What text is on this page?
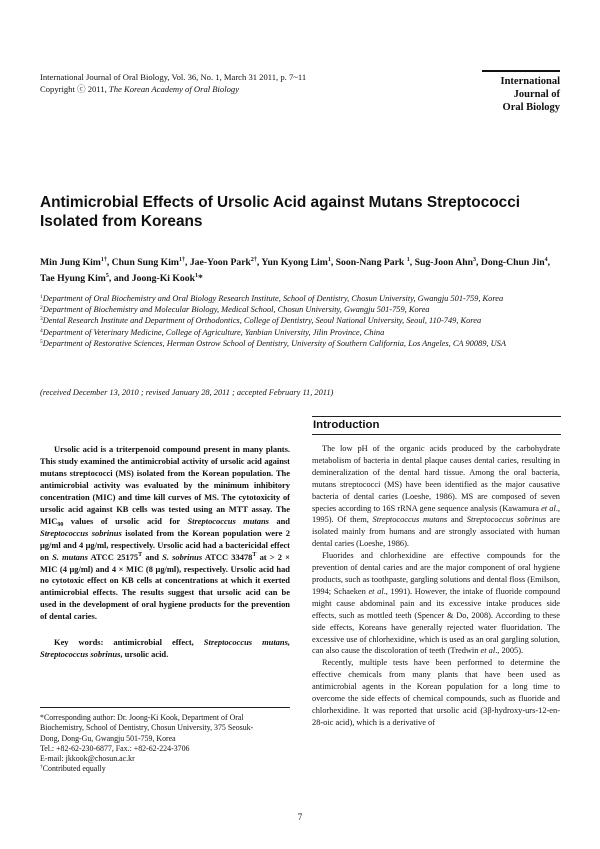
International Journal of Oral Biology, Vol. 36, No. 1, March 31 2011, p. 7~11
Copyright ⓒ 2011, The Korean Academy of Oral Biology
International
Journal of
Oral Biology
Antimicrobial Effects of Ursolic Acid against Mutans Streptococci Isolated from Koreans
Min Jung Kim$^{1\dagger}$, Chun Sung Kim$^{1\dagger}$, Jae-Yoon Park$^{2\dagger}$, Yun Kyong Lim$^1$, Soon-Nang Park $^1$, Sug-Joon Ahn$^3$, Dong-Chun Jin$^4$, Tae Hyung Kim$^5$, and Joong-Ki Kook$^1$*
$^1$Department of Oral Biochemistry and Oral Biology Research Institute, School of Dentistry, Chosun University, Gwangju 501-759, Korea
$^2$Department of Biochemistry and Molecular Biology, Medical School, Chosun University, Gwangju 501-759, Korea
$^3$Dental Research Institute and Department of Orthodontics, College of Dentistry, Seoul National University, Seoul, 110-749, Korea
$^4$Department of Veterinary Medicine, College of Agriculture, Yanbian University, Jilin Province, China
$^5$Department of Restorative Sciences, Herman Ostrow School of Dentistry, University of Southern California, Los Angeles, CA 90089, USA
(received December 13, 2010 ; revised January 28, 2011 ; accepted February 11, 2011)

Ursolic acid is a triterpenoid compound present in many plants. This study examined the antimicrobial activity of ursolic acid against mutans streptococci (MS) isolated from the Korean population. The antimicrobial activity was evaluated by the minimum inhibitory concentration (MIC) and time kill curves of MS. The cytotoxicity of ursolic acid against KB cells was tested using an MTT assay. The $MIC_{90}$ values of ursolic acid for Streptococcus mutans and Streptococcus sobrinus isolated from the Korean population were 2 μg/ml and 4 μg/ml, respectively. Ursolic acid had a bactericidal effect on S. mutans ATCC $25175^T$ and S. sobrinus ATCC $33478^T$ at > 2 × MIC (4 μg/ml) and 4 × MIC (8 μg/ml), respectively. Ursolic acid had no cytotoxic effect on KB cells at concentrations at which it exerted antimicrobial effects. The results suggest that ursolic acid can be used in the development of oral hygiene products for the prevention of dental caries.

Key words: antimicrobial effect, Streptococcus mutans, Streptococcus sobrinus, ursolic acid.

*Corresponding author: Dr. Joong-Ki Kook, Department of Oral
Biochemistry, School of Dentistry, Chosun University, 375 Seosuk-
Dong, Dong-Gu, Gwangju 501-759, Korea
Tel.: +82-62-230-6877, Fax.: +82-62-224-3706
E-mail: jkkook@chosun.ac.kr
†Contributed equally
Introduction

The low pH of the organic acids produced by the carbohydrate metabolism of bacteria in dental plaque causes dental caries, resulting in demineralization of the dental hard tissue. Among the oral bacteria, mutans streptococci (MS) have been identified as the major causative bacteria of dental caries (Loeshe, 1986). MS are composed of seven species according to 16S rRNA gene sequence analysis (Kawamura et al., 1995). Of them, Streptococcus mutans and Streptococcus sobrinus are isolated mainly from humans and are strongly associated with human dental caries (Loeshe, 1986).

Fluorides and chlorhexidine are effective compounds for the prevention of dental caries and are the major component of oral hygiene products, such as toothpaste, gargling solutions and dental floss (Emilson, 1994; Schaeken et al., 1991). However, the intake of fluoride compound might cause abdominal pain and its excessive intake produces side effects, such as mottled teeth (Spencer & Do, 2008). According to these side effects, Koreans have generally rejected water fluoridation. The excessive use of chlorhexidine, which is used as an oral gargling solution, can also cause the discoloration of teeth (Tredwin et al., 2005).

Recently, multiple tests have been performed to determine the effective chemicals from many plants that have been used as antimicrobial agents in the Korean population for a long time to overcome the side effects of chemical compounds, such as fluoride and chlorhexidine. It was reported that ursolic acid (3β-hydroxy-urs-12-en-28-oic acid), which is a derivative of

7
